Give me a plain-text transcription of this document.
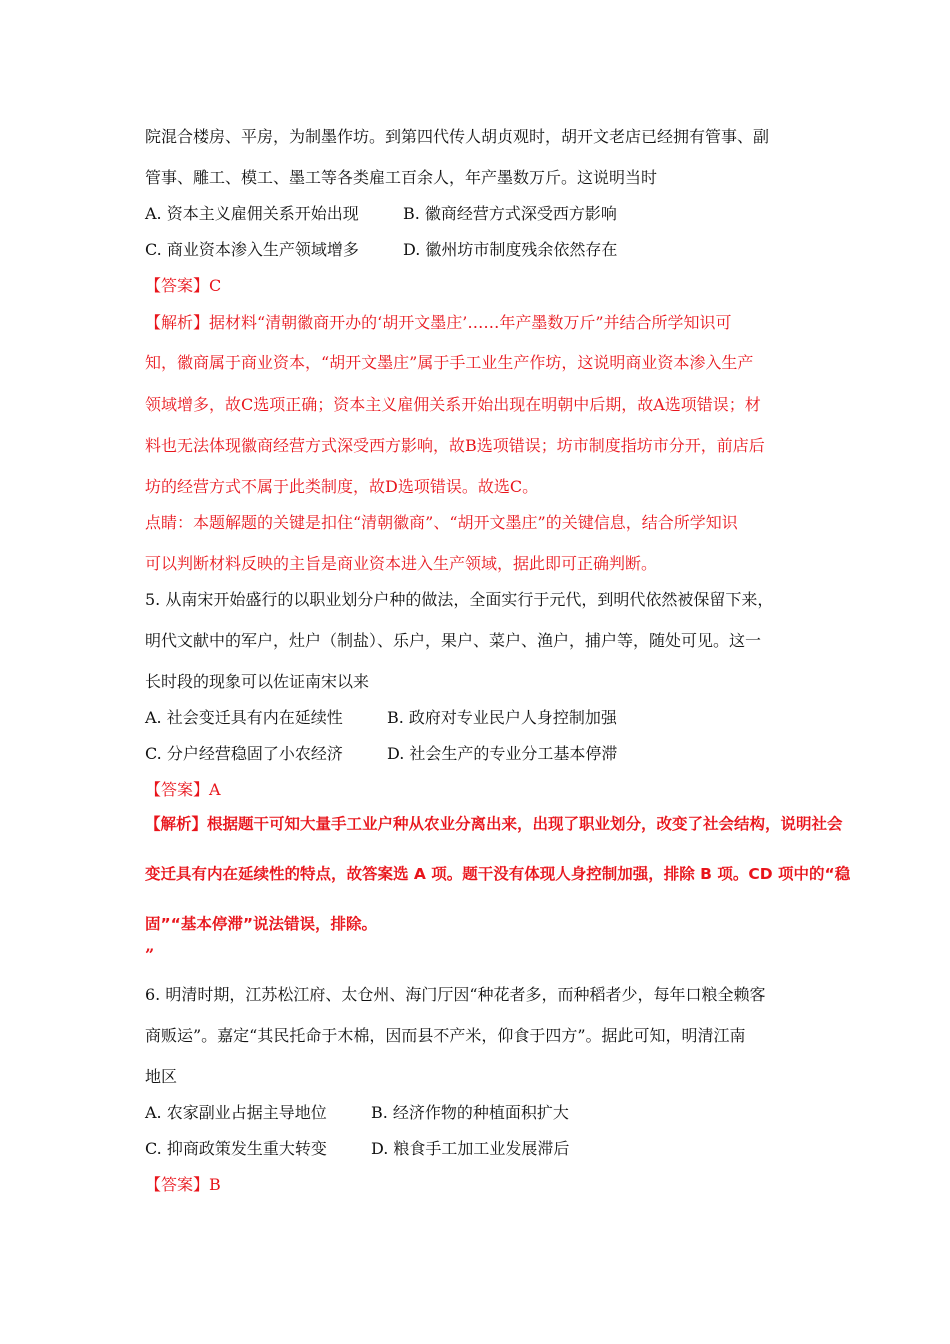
院混合楼房、平房，为制墨作坊。到第四代传人胡贞观时，胡开文老店已经拥有管事、副
管事、雕工、模工、墨工等各类雇工百余人，年产墨数万斤。这说明当时
A. 资本主义雇佣关系开始出现	B. 徽商经营方式深受西方影响
C. 商业资本渗入生产领域增多	D. 徽州坊市制度残余依然存在
【答案】C
【解析】据材料“清朝徽商开办的‘胡开文墨庄’……年产墨数万斤”并结合所学知识可
知，徽商属于商业资本，“胡开文墨庄”属于手工业生产作坊，这说明商业资本渗入生产
领域增多，故C选项正确；资本主义雇佣关系开始出现在明朝中后期，故A选项错误；材
料也无法体现徽商经营方式深受西方影响，故B选项错误；坊市制度指坊市分开，前店后
坊的经营方式不属于此类制度，故D选项错误。故选C。
点睛：本题解题的关键是扣住“清朝徽商”、“胡开文墨庄”的关键信息，结合所学知识
可以判断材料反映的主旨是商业资本进入生产领域，据此即可正确判断。
5. 从南宋开始盛行的以职业划分户种的做法，全面实行于元代，到明代依然被保留下来，
明代文献中的军户，灶户（制盐）、乐户，果户、菜户、渔户，捕户等，随处可见。这一
长时段的现象可以佐证南宋以来
A. 社会变迁具有内在延续性	B. 政府对专业民户人身控制加强
C. 分户经营稳固了小农经济	D. 社会生产的专业分工基本停滞
【答案】A
【解析】根据题干可知大量手工业户种从农业分离出来，出现了职业划分，改变了社会结构，说明社会
变迁具有内在延续性的特点，故答案选 A 项。题干没有体现人身控制加强，排除 B 项。CD 项中的“稳
固”“基本停滞”说法错误，排除。
”
6. 明清时期，江苏松江府、太仓州、海门厅因“种花者多，而种稻者少，每年口粮全赖客
商贩运”。嘉定“其民托命于木棉，因而县不产米，仰食于四方”。据此可知，明清江南
地区
A. 农家副业占据主导地位	B. 经济作物的种植面积扩大
C. 抑商政策发生重大转变	D. 粮食手工加工业发展滞后
【答案】B
